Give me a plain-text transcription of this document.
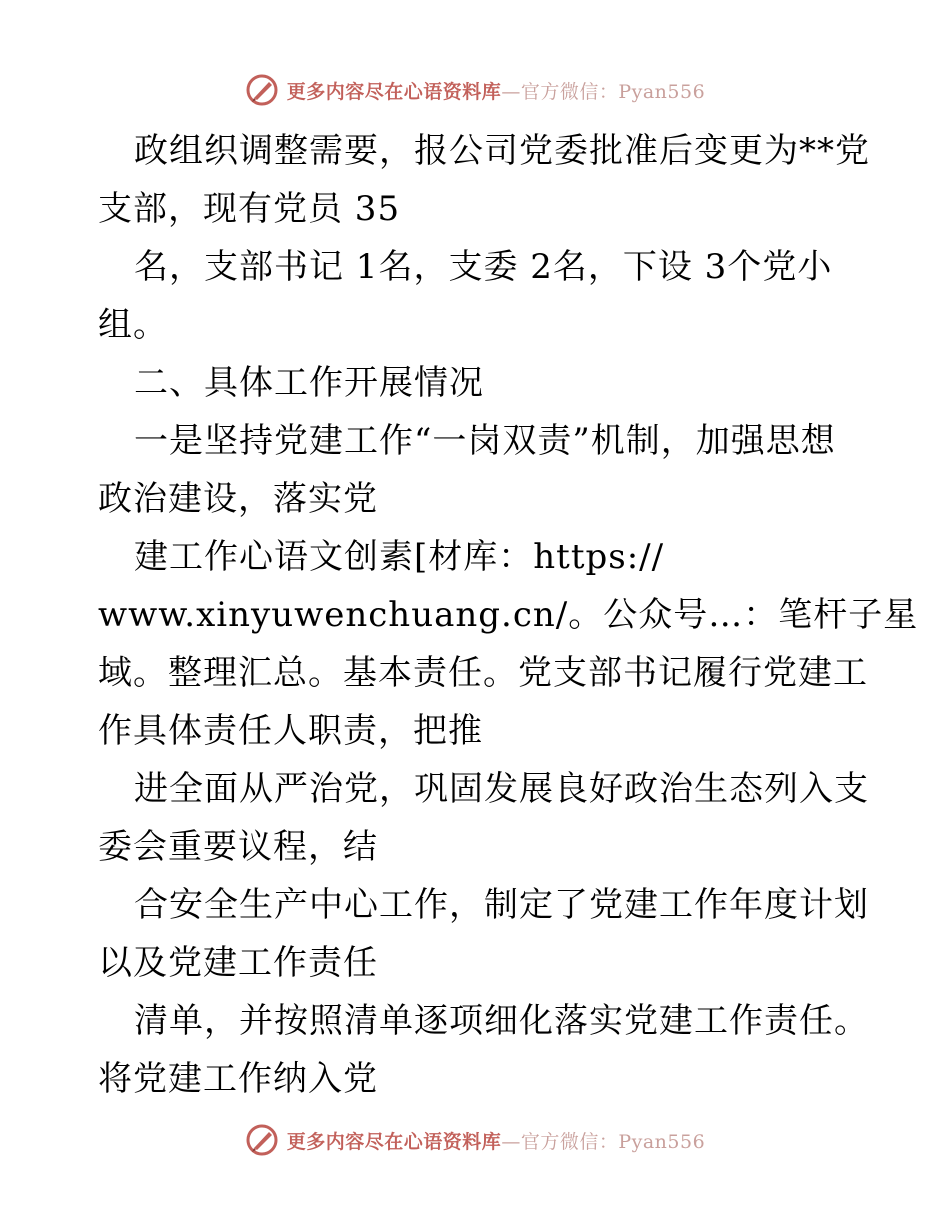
更多内容尽在心语资料库—官方微信：Pyan556
政组织调整需要，报公司党委批准后变更为**党
支部，现有党员 35
名，支部书记 1名，支委 2名，下设 3个党小
组。
二、具体工作开展情况
一是坚持党建工作“一岗双责”机制，加强思想
政治建设，落实党
建工作心语文创素[材库：https://
www.xinyuwenchuang.cn/。公众号…：笔杆子星
域。整理汇总。基本责任。党支部书记履行党建工
作具体责任人职责，把推
进全面从严治党，巩固发展良好政治生态列入支
委会重要议程，结
合安全生产中心工作，制定了党建工作年度计划
以及党建工作责任
清单，并按照清单逐项细化落实党建工作责任。
将党建工作纳入党
更多内容尽在心语资料库—官方微信：Pyan556
